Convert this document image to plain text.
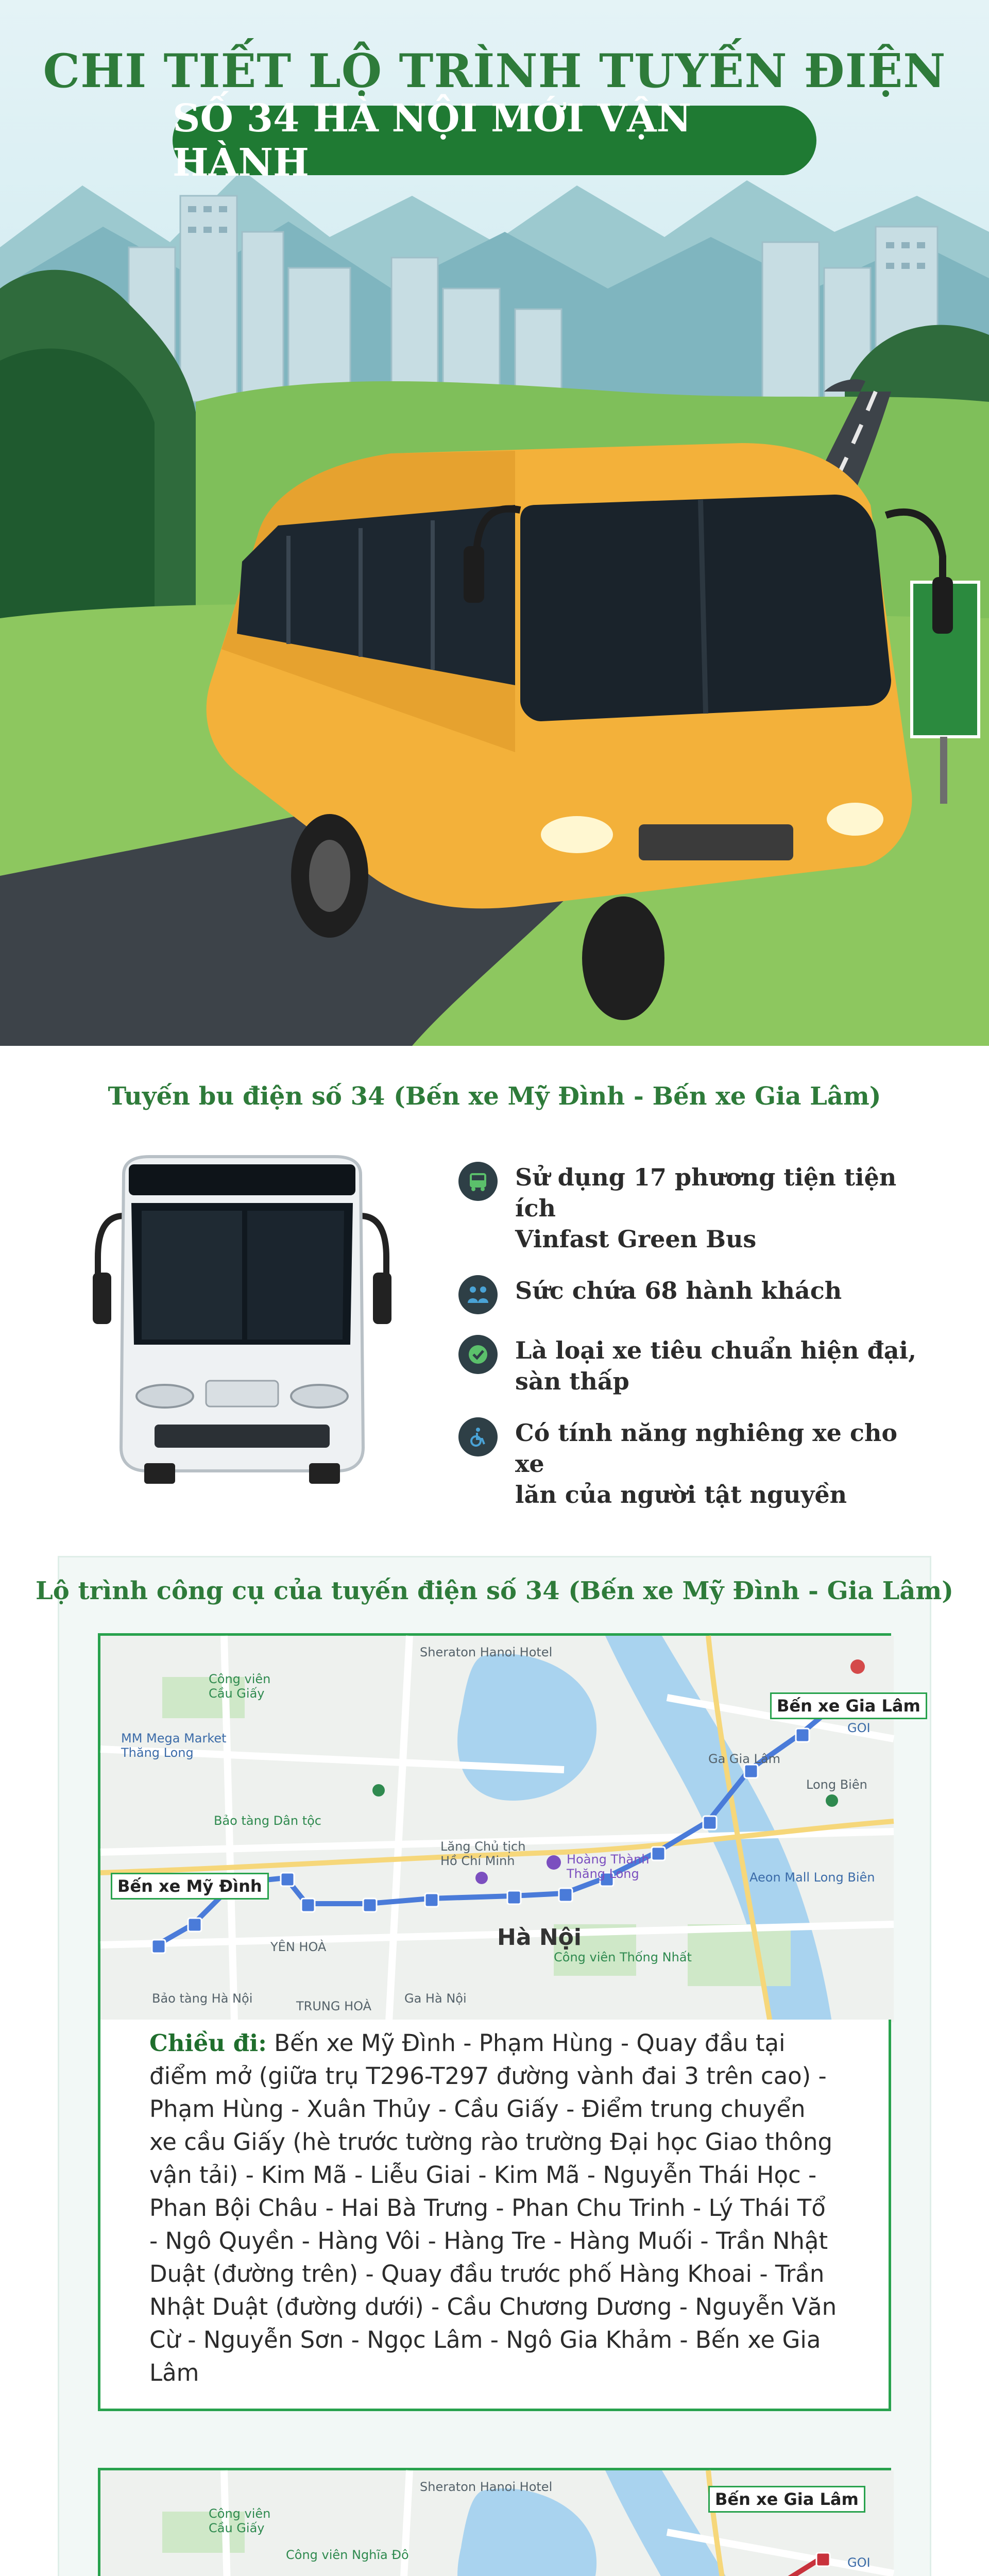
CHI TIẾT LỘ TRÌNH TUYẾN ĐIỆN
SỐ 34 HÀ NỘI MỚI VẬN HÀNH
Tuyến bu điện số 34 (Bến xe Mỹ Đình - Bến xe Gia Lâm)
Sử dụng 17 phương tiện tiện ích
Vinfast Green Bus
Sức chứa 68 hành khách
Là loại xe tiêu chuẩn hiện đại,
sàn thấp
Có tính năng nghiêng xe cho xe
lăn của người tật nguyền
Lộ trình công cụ của tuyến điện số 34 (Bến xe Mỹ Đình - Gia Lâm)
Sheraton Hanoi Hotel
Công viên
Cầu Giấy
MM Mega Market
Thăng Long
Bảo tàng Dân tộc
Lăng Chủ tịch
Hồ Chí Minh	Hoàng Thành
Thăng Long
Hà Nội
YÊN HOÀ
TRUNG HOÀ
Ga Hà Nội
Bảo tàng Hà Nội
Công viên Thống Nhất
Ga Gia Lâm
Long Biên
Aeon Mall Long Biên
GOI
Bến xe Gia Lâm
Bến xe Mỹ Đình
Chiều đi: Bến xe Mỹ Đình - Phạm Hùng - Quay đầu tại điểm mở (giữa trụ T296-T297 đường vành đai 3 trên cao) - Phạm Hùng - Xuân Thủy - Cầu Giấy - Điểm trung chuyển xe cầu Giấy (hè trước tường rào trường Đại học Giao thông vận tải) - Kim Mã - Liễu Giai - Kim Mã - Nguyễn Thái Học - Phan Bội Châu - Hai Bà Trưng - Phan Chu Trinh - Lý Thái Tổ - Ngô Quyền - Hàng Vôi - Hàng Tre - Hàng Muối - Trần Nhật Duật (đường trên) - Quay đầu trước phố Hàng Khoai - Trần Nhật Duật (đường dưới) - Cầu Chương Dương - Nguyễn Văn Cừ - Nguyễn Sơn - Ngọc Lâm - Ngô Gia Khảm - Bến xe Gia Lâm
Sheraton Hanoi Hotel
Công viên
Cầu Giấy
Công viên Nghĩa Đô
GOI
Bến xe Gia Lâm
